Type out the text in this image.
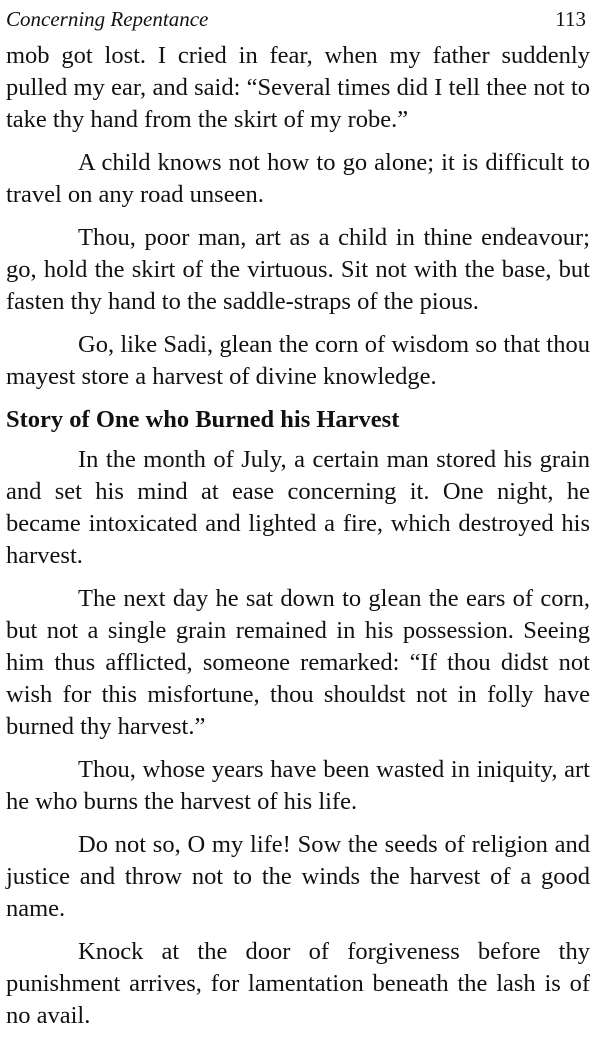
Concerning Repentance	113

mob got lost. I cried in fear, when my father suddenly pulled my ear, and said: “Several times did I tell thee not to take thy hand from the skirt of my robe.”

A child knows not how to go alone; it is difficult to travel on any road unseen.

Thou, poor man, art as a child in thine endeavour; go, hold the skirt of the virtuous. Sit not with the base, but fasten thy hand to the saddle-straps of the pious.

Go, like Sadi, glean the corn of wisdom so that thou mayest store a harvest of divine knowledge.

Story of One who Burned his Harvest

In the month of July, a certain man stored his grain and set his mind at ease concerning it. One night, he became intoxicated and lighted a fire, which destroyed his harvest.

The next day he sat down to glean the ears of corn, but not a single grain remained in his possession. Seeing him thus afflicted, someone remarked: “If thou didst not wish for this misfortune, thou shouldst not in folly have burned thy harvest.”

Thou, whose years have been wasted in iniquity, art he who burns the harvest of his life.

Do not so, O my life! Sow the seeds of religion and justice and throw not to the winds the harvest of a good name.

Knock at the door of forgiveness before thy punishment arrives, for lamentation beneath the lash is of no avail.
